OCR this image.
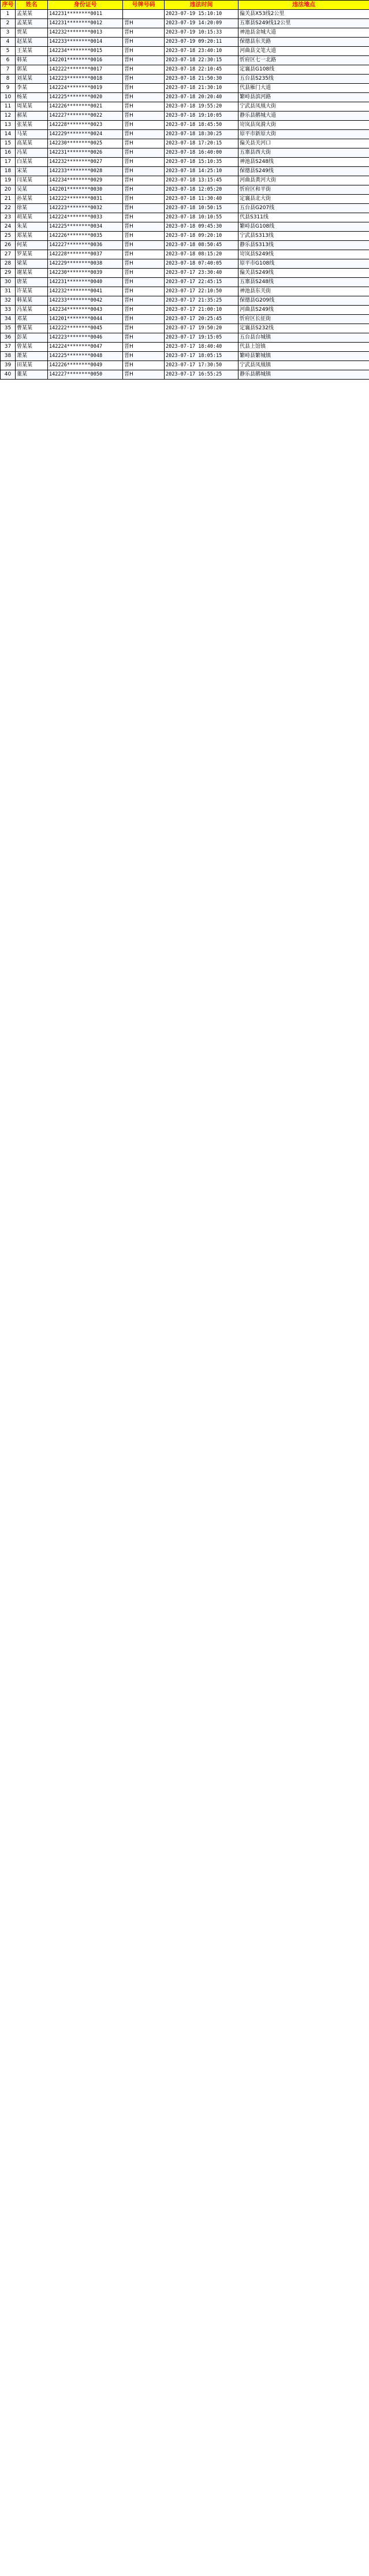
序号	姓名	身份证号	号牌号码	违法时间	违法地点
1	孟某某	142231********0011		2023-07-19 15:10:10	偏关县X53线2公里
2	孟某某	142231********0012	晋H	2023-07-19 14:20:09	五寨县S249线12公里
3	贾某	142232********0013	晋H	2023-07-19 10:15:33	神池县金城大道
4	赵某某	142233********0014	晋H	2023-07-19 09:20:11	保德县东关路
5	王某某	142234********0015	晋H	2023-07-18 23:40:10	河曲县文笔大道
6	韩某	142201********0016	晋H	2023-07-18 22:30:15	忻府区七一北路
7	郭某	142222********0017	晋H	2023-07-18 22:10:45	定襄县G108线
8	刘某某	142223********0018	晋H	2023-07-18 21:50:30	五台县S235线
9	李某	142224********0019	晋H	2023-07-18 21:30:10	代县雁门大道
10	杨某	142225********0020	晋H	2023-07-18 20:20:40	繁峙县滨河路
11	周某某	142226********0021	晋H	2023-07-18 19:55:20	宁武县凤凰大街
12	郝某	142227********0022	晋H	2023-07-18 19:10:05	静乐县鹅城大道
13	张某某	142228********0023	晋H	2023-07-18 18:45:50	岢岚县岚漪大街
14	马某	142229********0024	晋H	2023-07-18 18:30:25	原平市新原大街
15	高某某	142230********0025	晋H	2023-07-18 17:20:15	偏关县关河口
16	冯某	142231********0026	晋H	2023-07-18 16:40:00	五寨县西大街
17	白某某	142232********0027	晋H	2023-07-18 15:10:35	神池县S248线
18	宋某	142233********0028	晋H	2023-07-18 14:25:10	保德县S249线
19	闫某某	142234********0029	晋H	2023-07-18 13:15:45	河曲县黄河大街
20	吴某	142201********0030	晋H	2023-07-18 12:05:20	忻府区和平街
21	孙某某	142222********0031	晋H	2023-07-18 11:30:40	定襄县北大街
22	徐某	142223********0032	晋H	2023-07-18 10:50:15	五台县G207线
23	胡某某	142224********0033	晋H	2023-07-18 10:10:55	代县S311线
24	朱某	142225********0034	晋H	2023-07-18 09:45:30	繁峙县G108线
25	郑某某	142226********0035	晋H	2023-07-18 09:20:10	宁武县S313线
26	何某	142227********0036	晋H	2023-07-18 08:50:45	静乐县S313线
27	罗某某	142228********0037	晋H	2023-07-18 08:15:20	岢岚县S249线
28	梁某	142229********0038	晋H	2023-07-18 07:40:05	原平市G108线
29	谢某某	142230********0039	晋H	2023-07-17 23:30:40	偏关县S249线
30	唐某	142231********0040	晋H	2023-07-17 22:45:15	五寨县S248线
31	许某某	142232********0041	晋H	2023-07-17 22:10:50	神池县东关街
32	韩某某	142233********0042	晋H	2023-07-17 21:35:25	保德县G209线
33	冯某某	142234********0043	晋H	2023-07-17 21:00:10	河曲县S249线
34	邓某	142201********0044	晋H	2023-07-17 20:25:45	忻府区长征街
35	曹某某	142222********0045	晋H	2023-07-17 19:50:20	定襄县S232线
36	彭某	142223********0046	晋H	2023-07-17 19:15:05	五台县台城镇
37	曾某某	142224********0047	晋H	2023-07-17 18:40:40	代县上馆镇
38	萧某	142225********0048	晋H	2023-07-17 18:05:15	繁峙县繁城镇
39	田某某	142226********0049	晋H	2023-07-17 17:30:50	宁武县凤凰镇
40	董某	142227********0050	晋H	2023-07-17 16:55:25	静乐县鹅城镇
